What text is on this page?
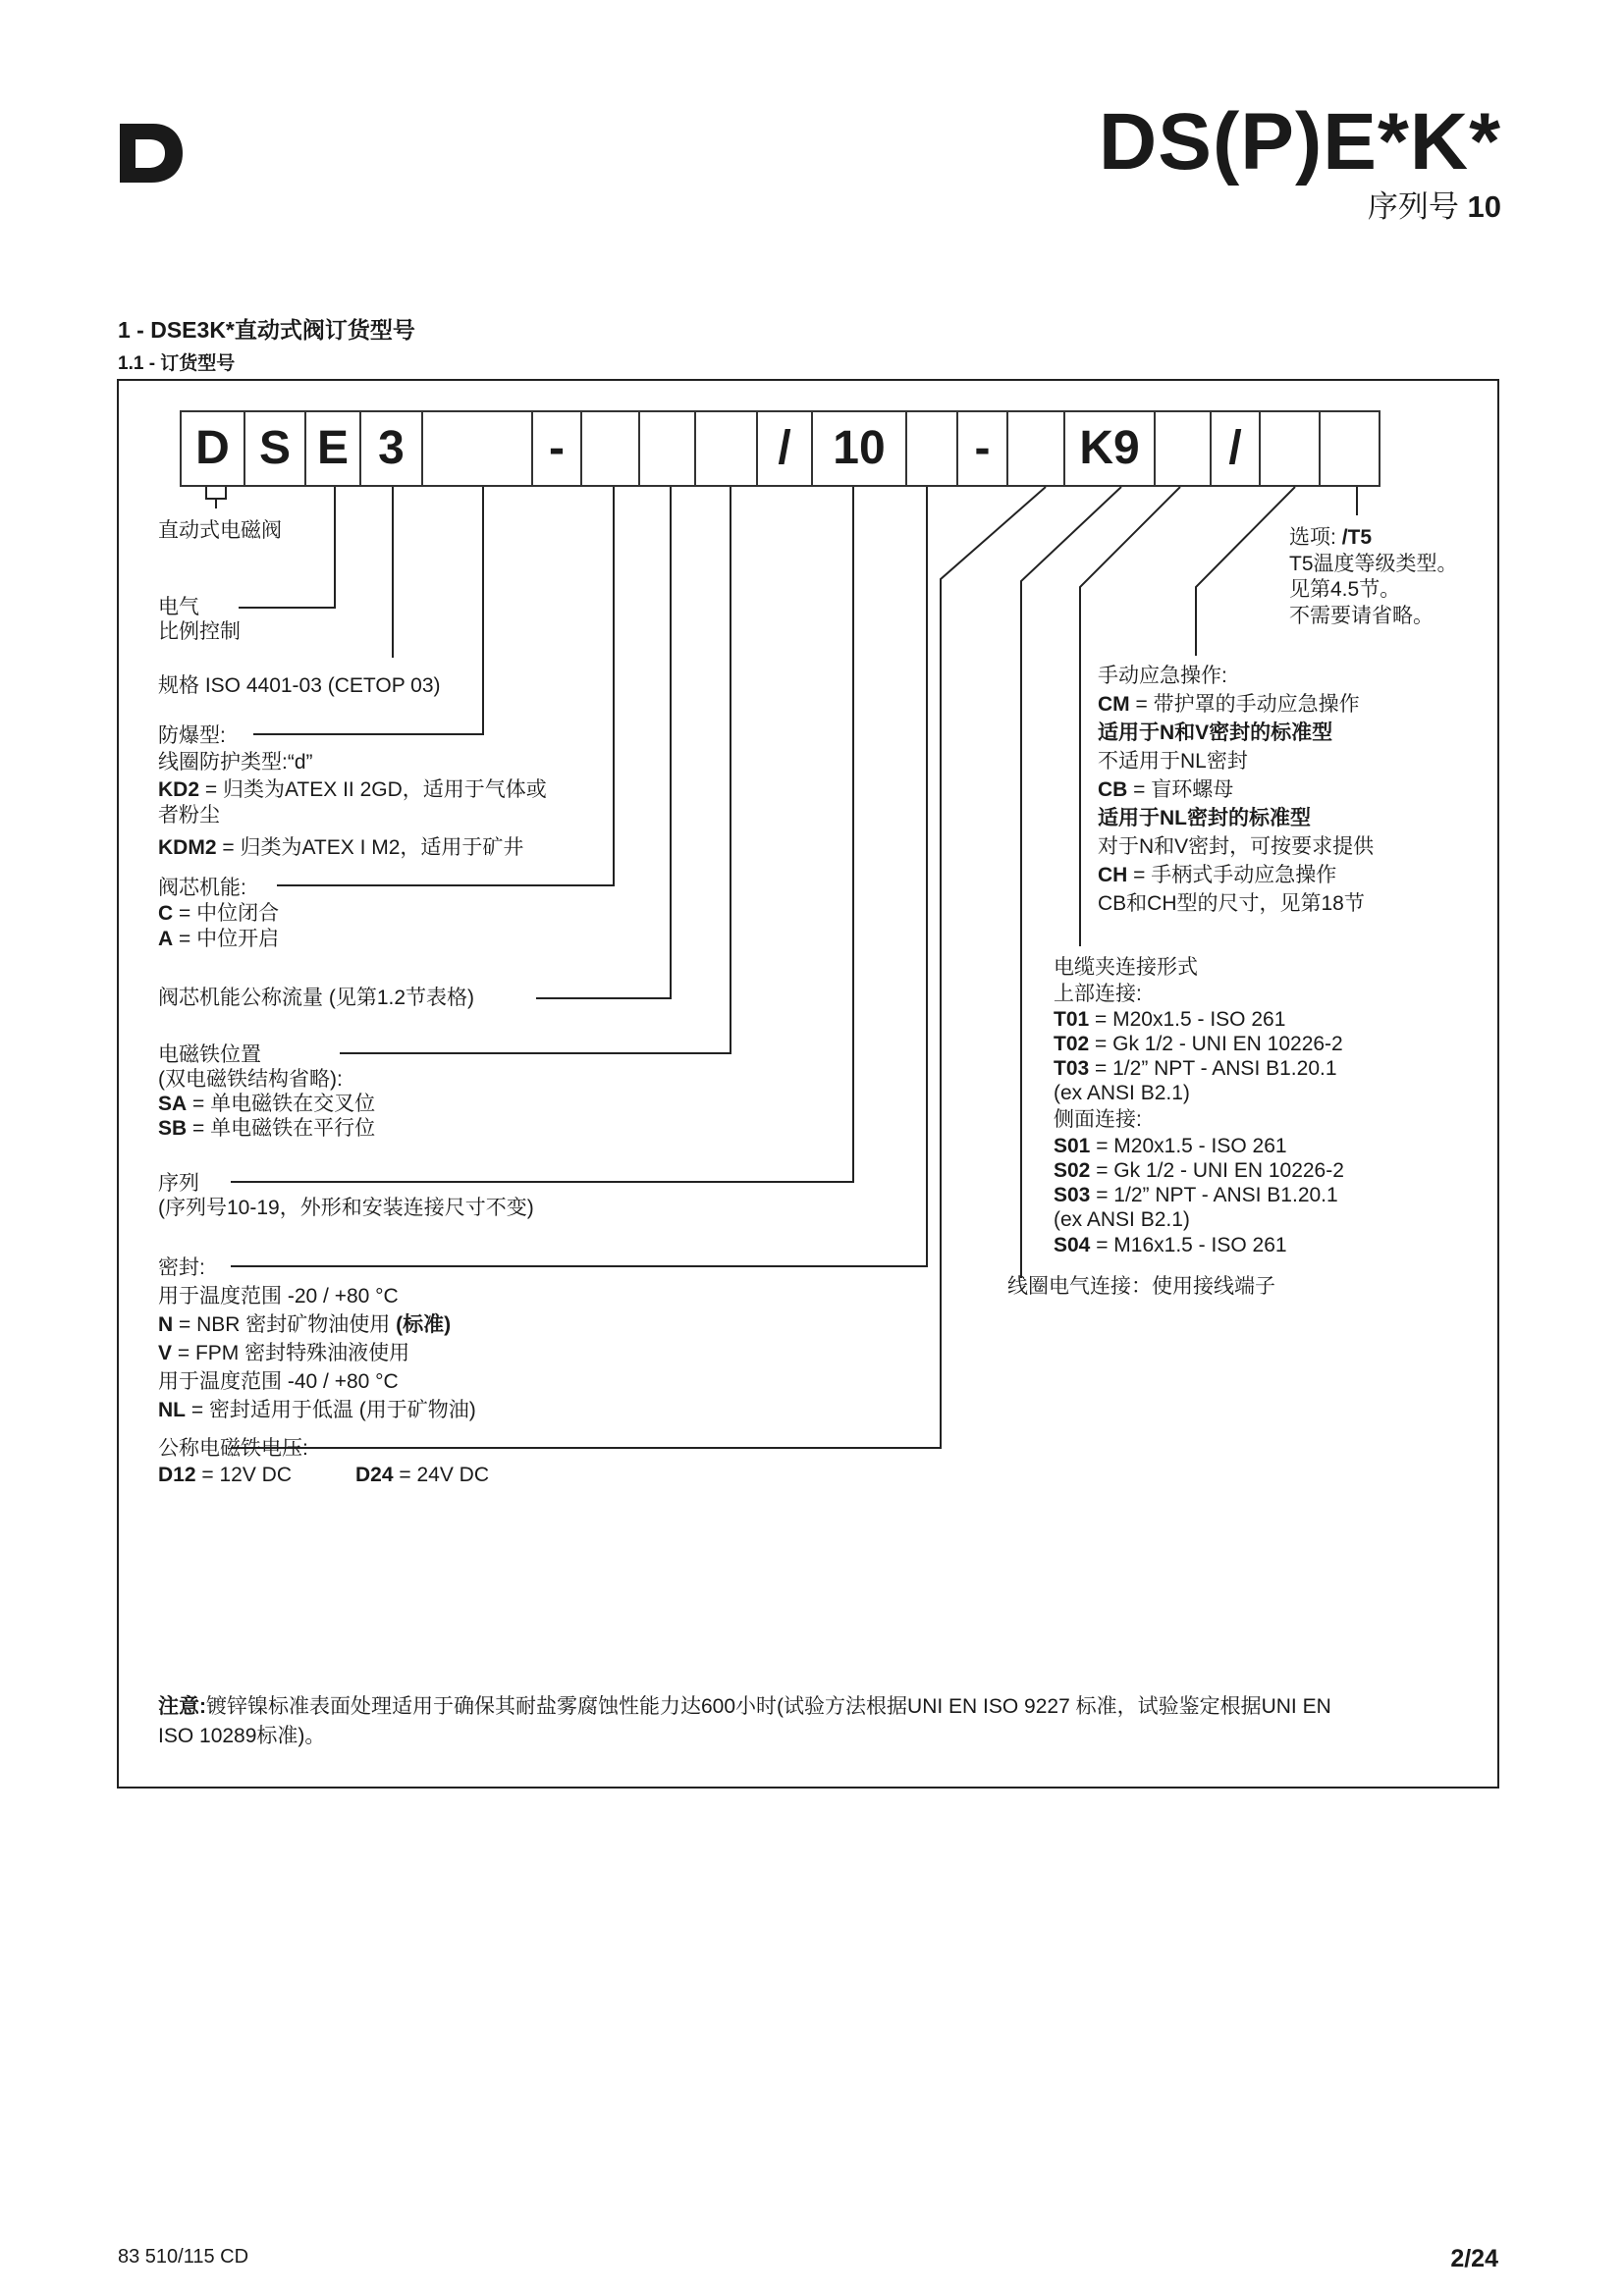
DS(P)E*K*
序列号 10
1 - DSE3K*直动式阀订货型号
1.1 - 订货型号
D S E 3	-	/ 10	-	K9	/
直动式电磁阀
电气
比例控制
规格 ISO 4401-03 (CETOP 03)
防爆型:
线圈防护类型:“d”
KD2 = 归类为ATEX II 2GD，适用于气体或
者粉尘
KDM2 = 归类为ATEX I M2，适用于矿井
阀芯机能:
C = 中位闭合
A = 中位开启
阀芯机能公称流量 (见第1.2节表格)
电磁铁位置
(双电磁铁结构省略):
SA = 单电磁铁在交叉位
SB = 单电磁铁在平行位
序列
(序列号10-19，外形和安装连接尺寸不变)
密封:
用于温度范围 -20 / +80 °C
N = NBR 密封矿物油使用 (标准)
V = FPM 密封特殊油液使用
用于温度范围 -40 / +80 °C
NL = 密封适用于低温 (用于矿物油)
公称电磁铁电压:
D12 = 12V DC	D24 = 24V DC
选项: /T5
T5温度等级类型。
见第4.5节。
不需要请省略。
手动应急操作:
CM = 带护罩的手动应急操作
适用于N和V密封的标准型
不适用于NL密封
CB = 盲环螺母
适用于NL密封的标准型
对于N和V密封，可按要求提供
CH = 手柄式手动应急操作
CB和CH型的尺寸，见第18节
电缆夹连接形式
上部连接:
T01 = M20x1.5 - ISO 261
T02 = Gk 1/2 - UNI EN 10226-2
T03 = 1/2” NPT - ANSI B1.20.1
(ex ANSI B2.1)
侧面连接:
S01 = M20x1.5 - ISO 261
S02 = Gk 1/2 - UNI EN 10226-2
S03 = 1/2” NPT - ANSI B1.20.1
(ex ANSI B2.1)
S04 = M16x1.5 - ISO 261
线圈电气连接：使用接线端子
注意:镀锌镍标准表面处理适用于确保其耐盐雾腐蚀性能力达600小时(试验方法根据UNI EN ISO 9227 标准，试验鉴定根据UNI EN ISO 10289标准)。
83 510/115 CD	2/24
